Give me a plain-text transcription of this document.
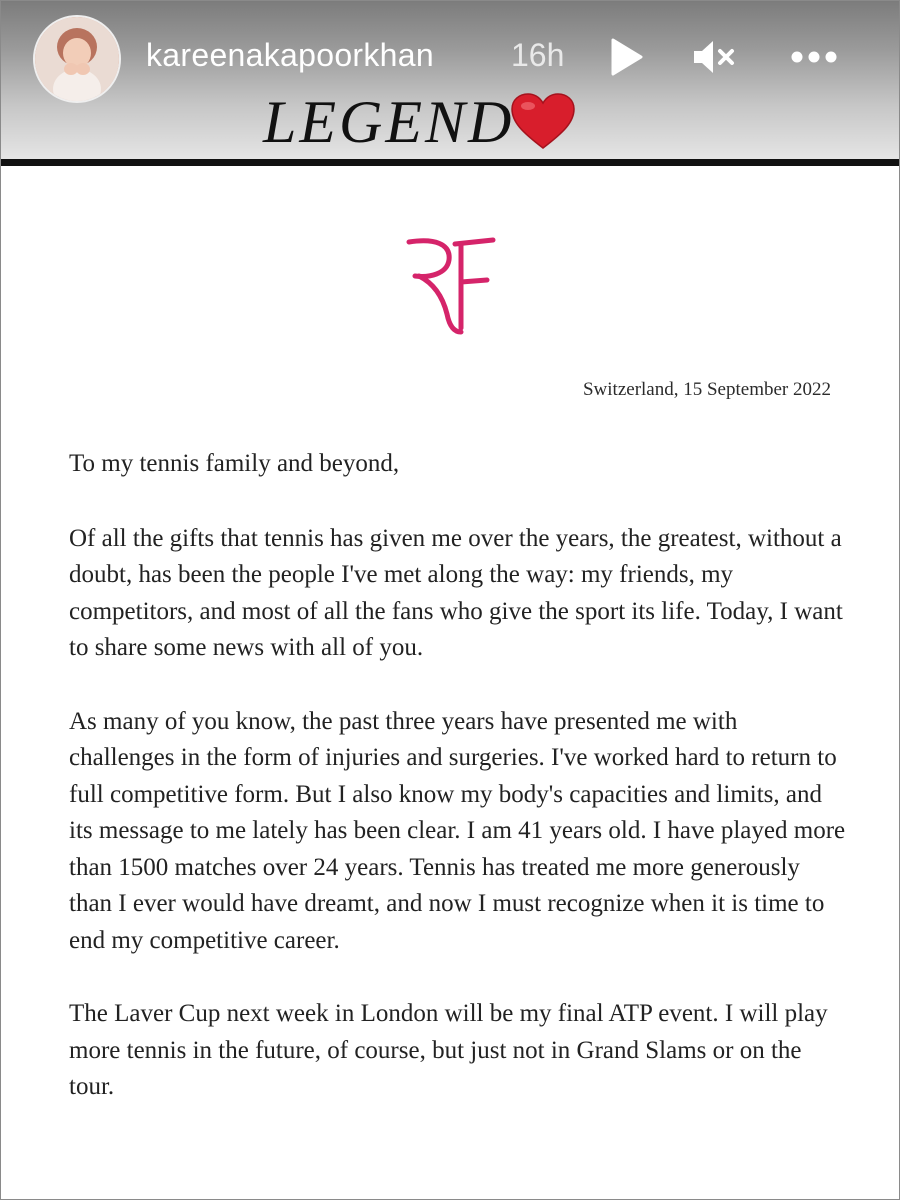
kareenakapoorkhan 16h
LEGEND
Switzerland, 15 September 2022

To my tennis family and beyond,

Of all the gifts that tennis has given me over the years, the greatest, without a doubt, has been the people I've met along the way: my friends, my competitors, and most of all the fans who give the sport its life. Today, I want to share some news with all of you.

As many of you know, the past three years have presented me with challenges in the form of injuries and surgeries. I've worked hard to return to full competitive form. But I also know my body's capacities and limits, and its message to me lately has been clear. I am 41 years old. I have played more than 1500 matches over 24 years. Tennis has treated me more generously than I ever would have dreamt, and now I must recognize when it is time to end my competitive career.

The Laver Cup next week in London will be my final ATP event. I will play more tennis in the future, of course, but just not in Grand Slams or on the tour.
